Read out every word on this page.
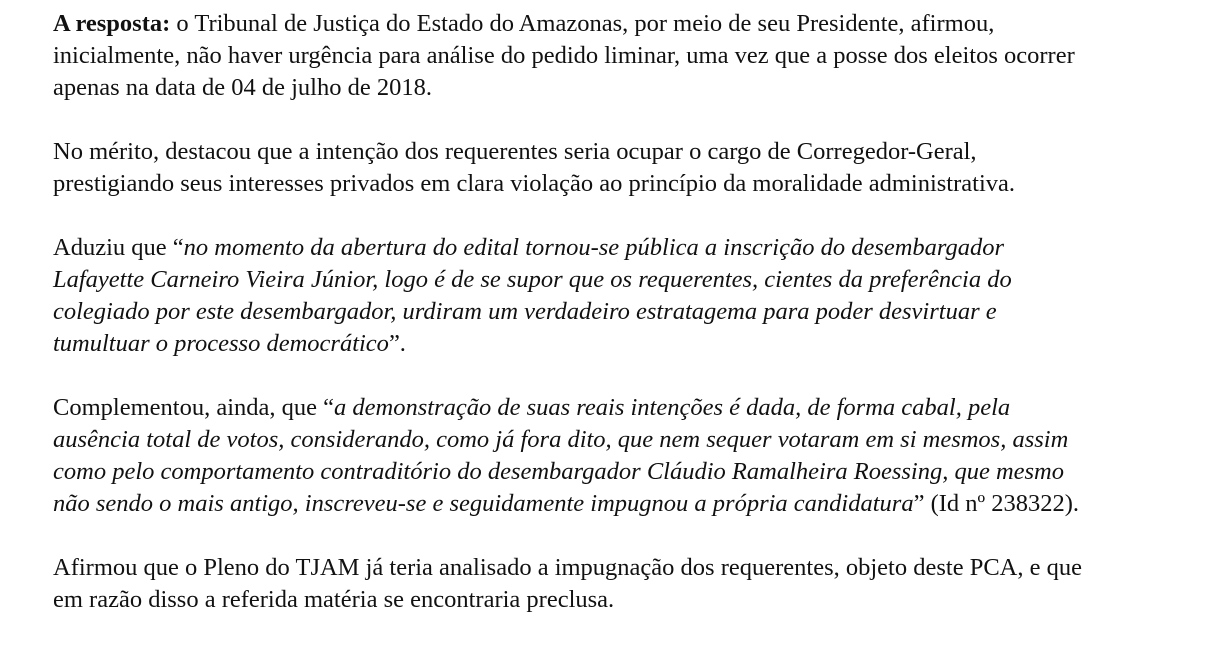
A resposta: o Tribunal de Justiça do Estado do Amazonas, por meio de seu Presidente, afirmou,
inicialmente, não haver urgência para análise do pedido liminar, uma vez que a posse dos eleitos ocorrer
apenas na data de 04 de julho de 2018.

No mérito, destacou que a intenção dos requerentes seria ocupar o cargo de Corregedor-Geral,
prestigiando seus interesses privados em clara violação ao princípio da moralidade administrativa.

Aduziu que “no momento da abertura do edital tornou-se pública a inscrição do desembargador
Lafayette Carneiro Vieira Júnior, logo é de se supor que os requerentes, cientes da preferência do
colegiado por este desembargador, urdiram um verdadeiro estratagema para poder desvirtuar e
tumultuar o processo democrático”.

Complementou, ainda, que “a demonstração de suas reais intenções é dada, de forma cabal, pela
ausência total de votos, considerando, como já fora dito, que nem sequer votaram em si mesmos, assim
como pelo comportamento contraditório do desembargador Cláudio Ramalheira Roessing, que mesmo
não sendo o mais antigo, inscreveu-se e seguidamente impugnou a própria candidatura” (Id nº 238322).

Afirmou que o Pleno do TJAM já teria analisado a impugnação dos requerentes, objeto deste PCA, e que
em razão disso a referida matéria se encontraria preclusa.
